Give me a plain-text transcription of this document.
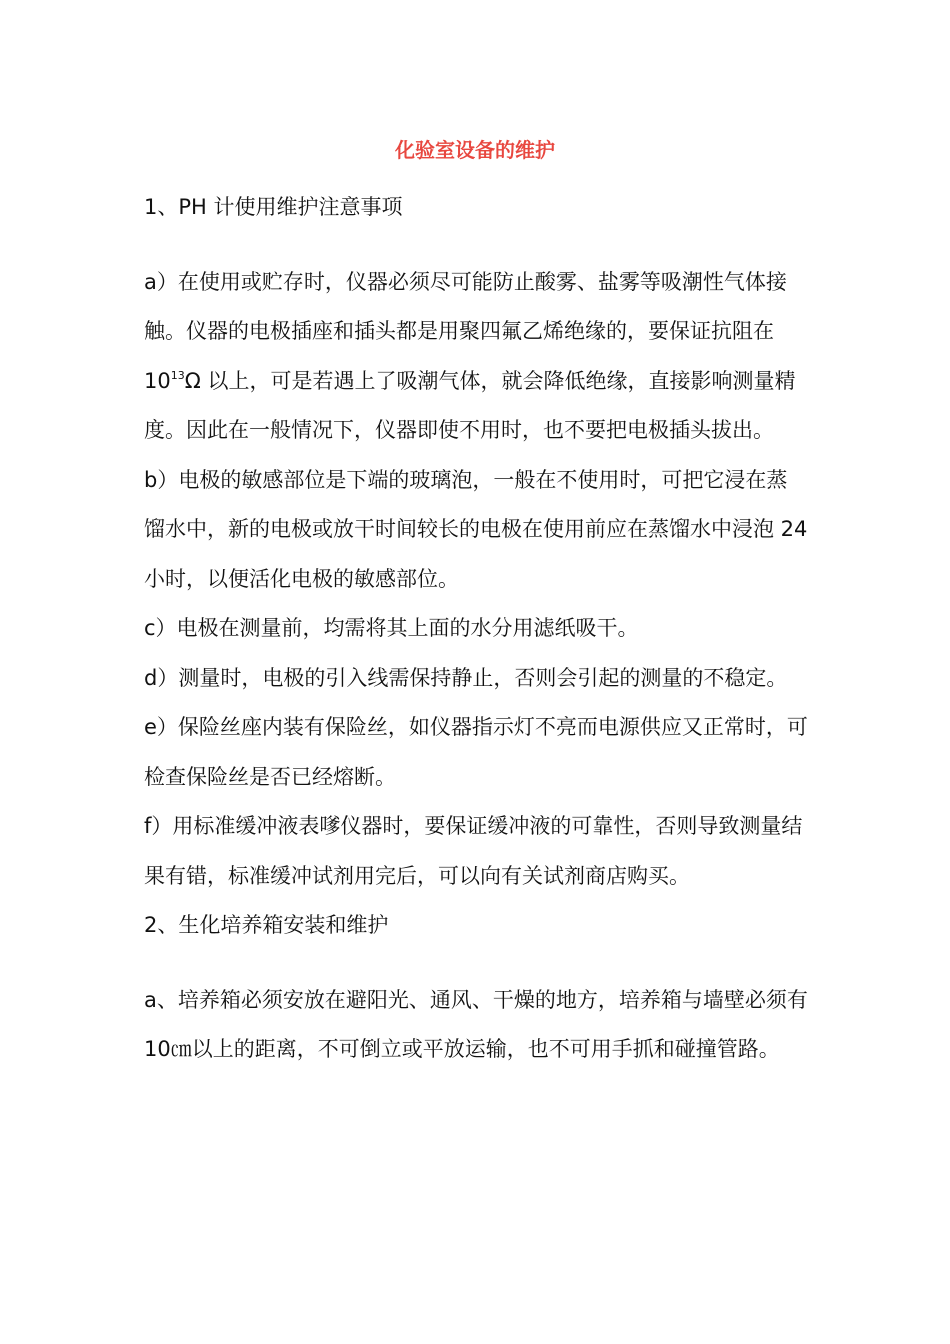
化验室设备的维护

1、PH 计使用维护注意事项

a）在使用或贮存时，仪器必须尽可能防止酸雾、盐雾等吸潮性气体接触。仪器的电极插座和插头都是用聚四氟乙烯绝缘的，要保证抗阻在 $10^{13}\Omega$ 以上，可是若遇上了吸潮气体，就会降低绝缘，直接影响测量精度。因此在一般情况下，仪器即使不用时，也不要把电极插头拔出。

b）电极的敏感部位是下端的玻璃泡，一般在不使用时，可把它浸在蒸馏水中，新的电极或放干时间较长的电极在使用前应在蒸馏水中浸泡 24 小时，以便活化电极的敏感部位。

c）电极在测量前，均需将其上面的水分用滤纸吸干。

d）测量时，电极的引入线需保持静止，否则会引起的测量的不稳定。

e）保险丝座内装有保险丝，如仪器指示灯不亮而电源供应又正常时，可检查保险丝是否已经熔断。

f）用标准缓冲液表嗲仪器时，要保证缓冲液的可靠性，否则导致测量结果有错，标准缓冲试剂用完后，可以向有关试剂商店购买。

2、生化培养箱安装和维护

a、培养箱必须安放在避阳光、通风、干燥的地方，培养箱与墙壁必须有 10㎝以上的距离，不可倒立或平放运输，也不可用手抓和碰撞管路。
